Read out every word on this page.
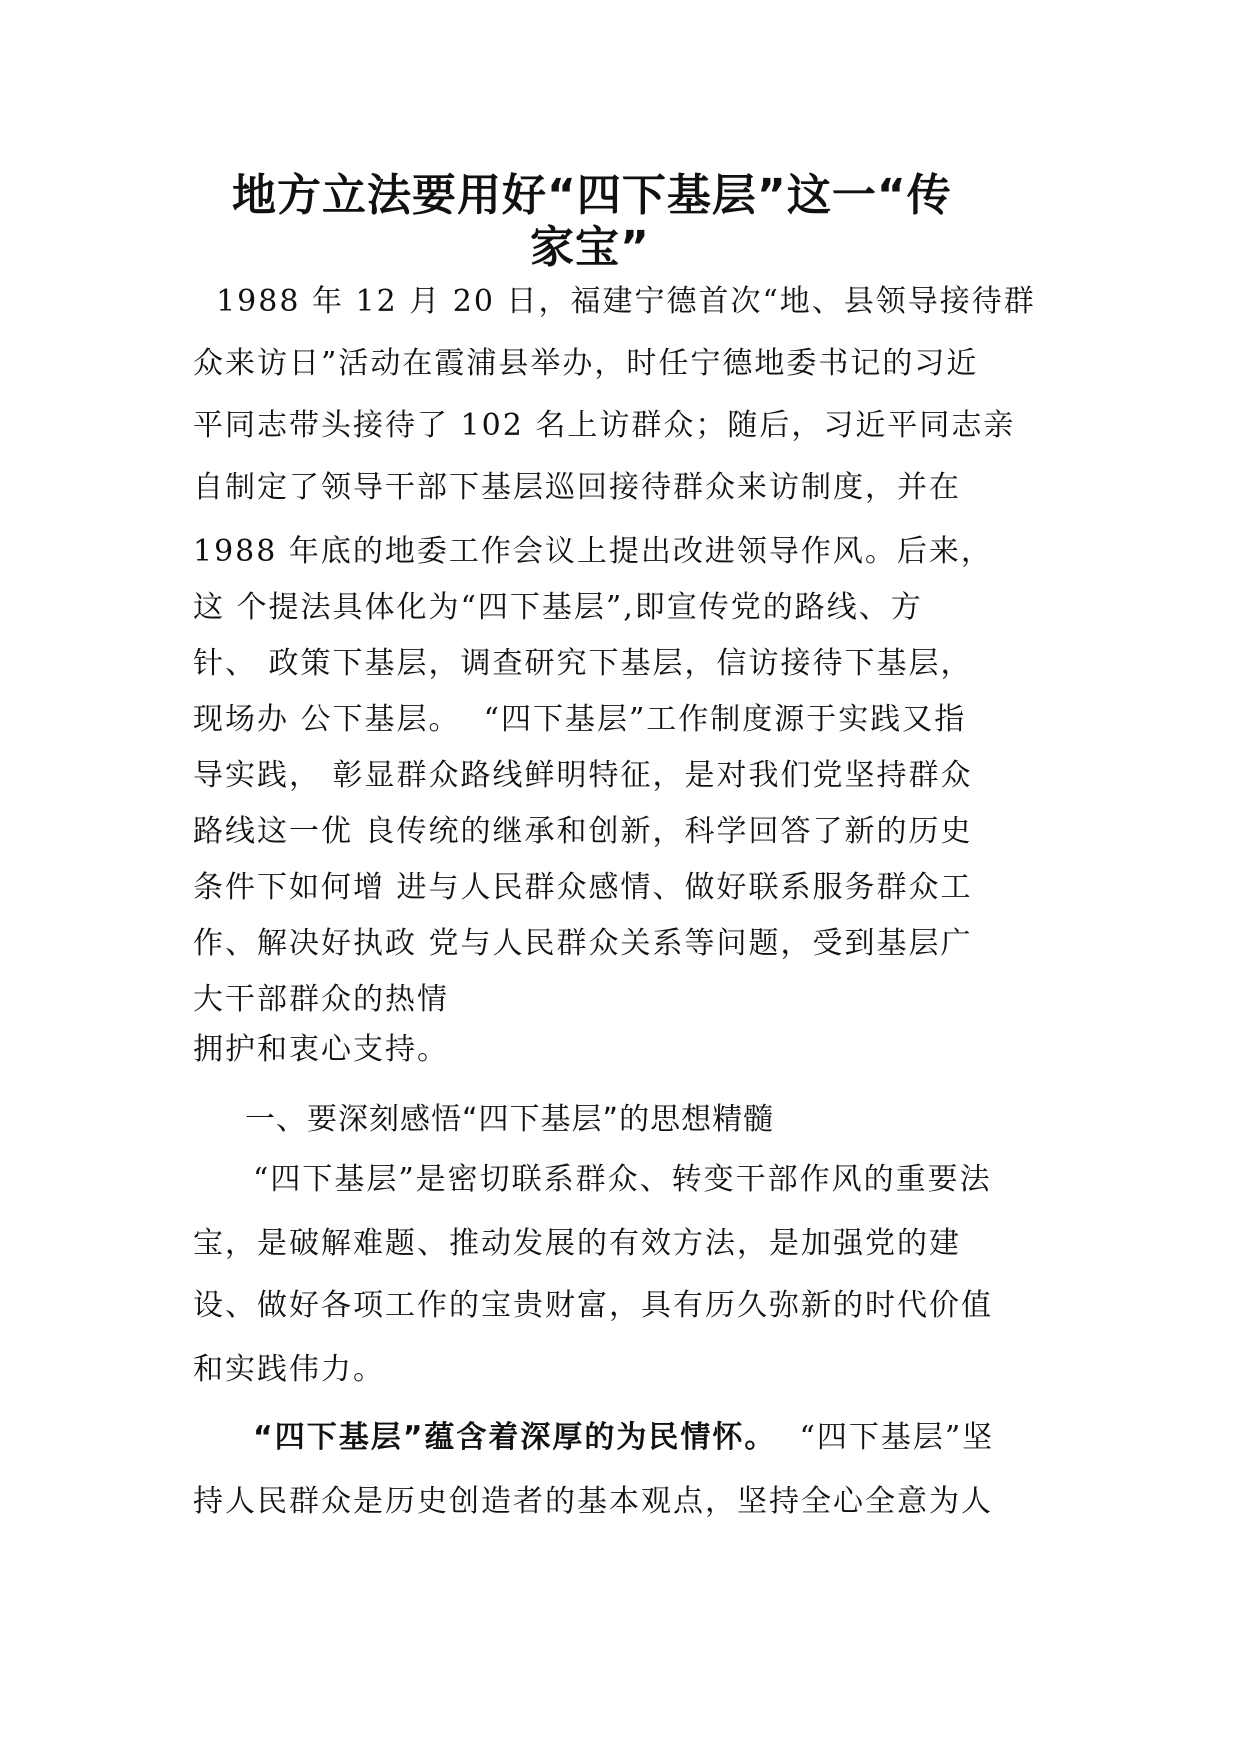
地方立法要用好“四下基层”这一“传
家宝”
1988 年 12 月 20 日，福建宁德首次“地、县领导接待群
众来访日”活动在霞浦县举办，时任宁德地委书记的习近
平同志带头接待了 102 名上访群众；随后，习近平同志亲
自制定了领导干部下基层巡回接待群众来访制度，并在
1988 年底的地委工作会议上提出改进领导作风。后来，
这 个提法具体化为“四下基层”,即宣传党的路线、方
针、 政策下基层，调查研究下基层，信访接待下基层，
现场办 公下基层。  “四下基层”工作制度源于实践又指
导实践， 彰显群众路线鲜明特征，是对我们党坚持群众
路线这一优 良传统的继承和创新，科学回答了新的历史
条件下如何增 进与人民群众感情、做好联系服务群众工
作、解决好执政 党与人民群众关系等问题，受到基层广
大干部群众的热情
拥护和衷心支持。
一、要深刻感悟“四下基层”的思想精髓
“四下基层”是密切联系群众、转变干部作风的重要法
宝，是破解难题、推动发展的有效方法，是加强党的建
设、做好各项工作的宝贵财富，具有历久弥新的时代价值
和实践伟力。
“四下基层”蕴含着深厚的为民情怀。  “四下基层”坚
持人民群众是历史创造者的基本观点，坚持全心全意为人
